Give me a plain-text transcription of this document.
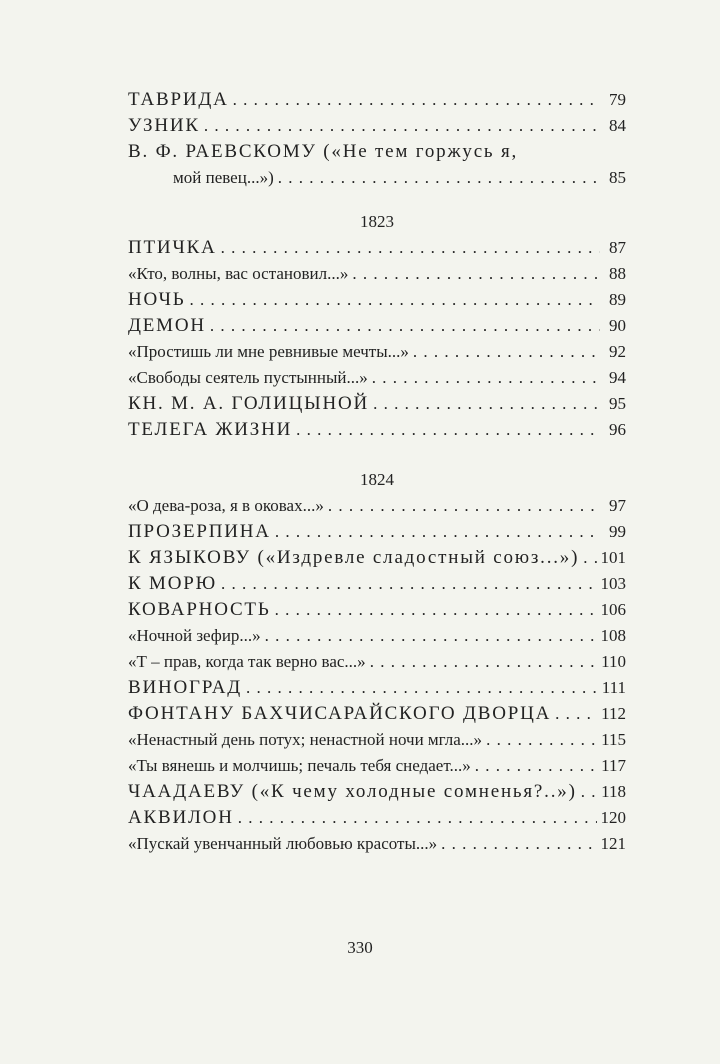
ТАВРИДА . . .	79
УЗНИК . . .	84
В. Ф. РАЕВСКОМУ («Не тем горжусь я,
мой певец...») . . .	85
1823
ПТИЧКА . . .	87
«Кто, волны, вас остановил...» . . .	88
НОЧЬ . . .	89
ДЕМОН . . .	90
«Простишь ли мне ревнивые мечты...» . . .	92
«Свободы сеятель пустынный...» . . .	94
КН. М. А. ГОЛИЦЫНОЙ . . .	95
ТЕЛЕГА ЖИЗНИ . . .	96
1824
«О дева-роза, я в оковах...» . . .	97
ПРОЗЕРПИНА . . .	99
К ЯЗЫКОВУ («Издревле сладостный союз...») . . . 101
К МОРЮ . . .	103
КОВАРНОСТЬ . . .	106
«Ночной зефир...» . . .	108
«Т – прав, когда так верно вас...» . . .	110
ВИНОГРАД . . .	111
ФОНТАНУ БАХЧИСАРАЙСКОГО ДВОРЦА . . .	112
«Ненастный день потух; ненастной ночи мгла...» . . .	115
«Ты вянешь и молчишь; печаль тебя снедает...» . . .	117
ЧААДАЕВУ («К чему холодные сомненья?..») . . . 118
АКВИЛОН . . .	120
«Пускай увенчанный любовью красоты...» . . .	121
330
